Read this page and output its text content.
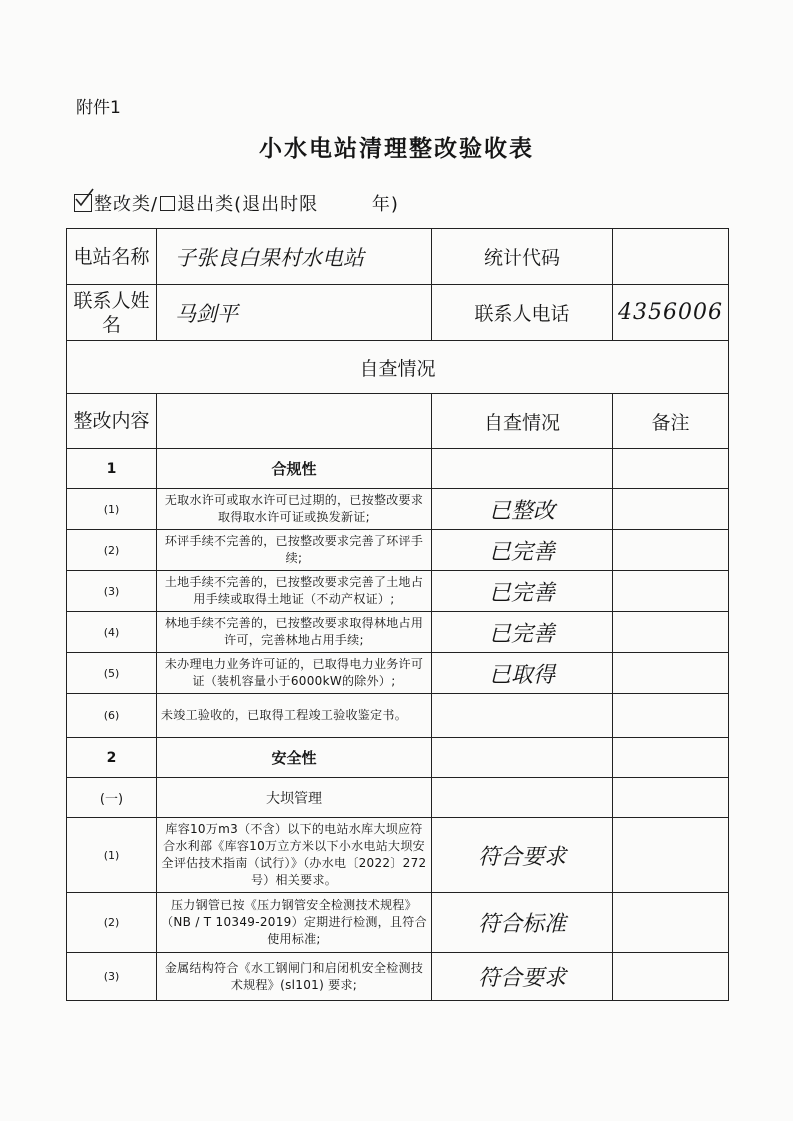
附件1
小水电站清理整改验收表
整改类/ 退出类(退出时限        年)
电站名称	子张良白果村水电站	统计代码	
联系人姓名	马剑平	联系人电话	4356006
自查情况			
整改内容		自查情况	备注
1	合规性		
(1)	无取水许可或取水许可已过期的，已按整改要求取得取水许可证或换发新证;	已整改	
(2)	环评手续不完善的，已按整改要求完善了环评手续;	已完善	
(3)	土地手续不完善的，已按整改要求完善了土地占用手续或取得土地证（不动产权证）;	已完善	
(4)	林地手续不完善的，已按整改要求取得林地占用许可，完善林地占用手续;	已完善	
(5)	未办理电力业务许可证的，已取得电力业务许可证（装机容量小于6000kW的除外）;	已取得	
(6)	未竣工验收的，已取得工程竣工验收鉴定书。		
2	安全性		
(一)	大坝管理		
(1)	库容10万m3（不含）以下的电站水库大坝应符合水利部《库容10万立方米以下小水电站大坝安全评估技术指南（试行）》（办水电〔2022〕272号）相关要求。	符合要求	
(2)	压力钢管已按《压力钢管安全检测技术规程》（NB / T 10349-2019）定期进行检测，且符合使用标准;	符合标准	
(3)	金属结构符合《水工钢闸门和启闭机安全检测技术规程》(sl101) 要求;	符合要求	
